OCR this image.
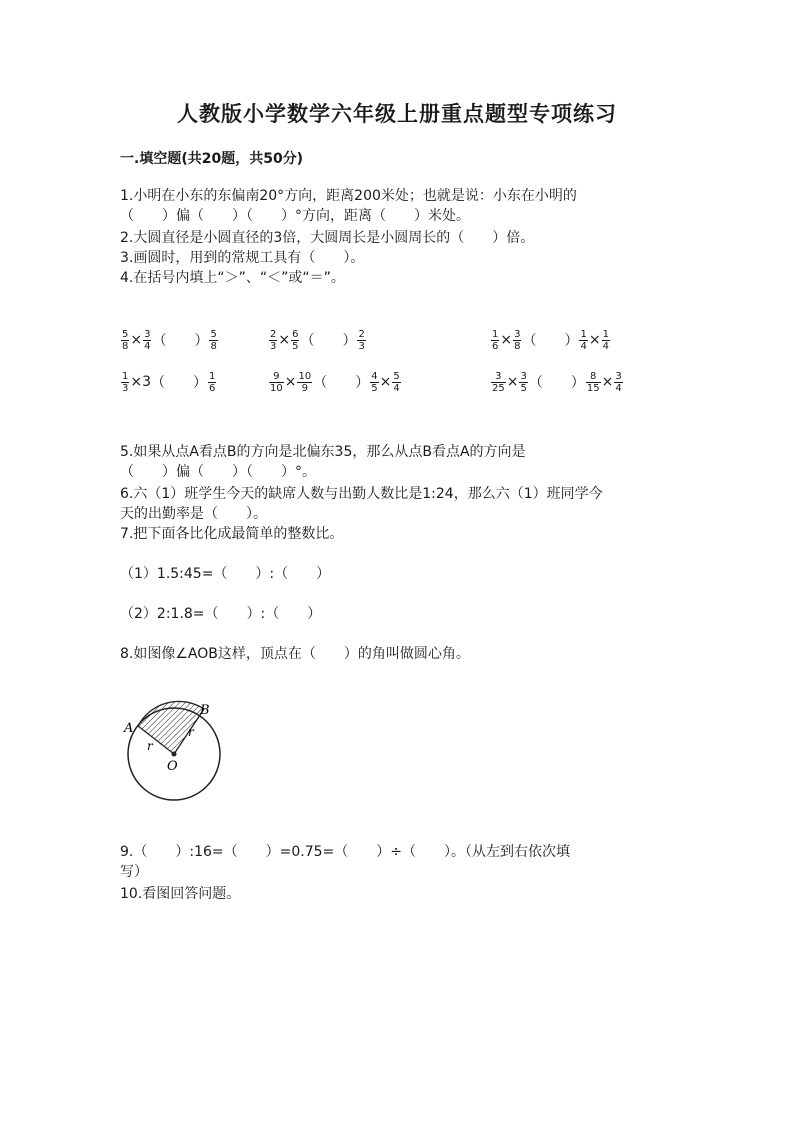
人教版小学数学六年级上册重点题型专项练习
一.填空题(共20题，共50分)
1.小明在小东的东偏南20°方向，距离200米处；也就是说：小东在小明的
（　　）偏（　　）（　　）°方向，距离（　　）米处。
2.大圆直径是小圆直径的3倍，大圆周长是小圆周长的（　　）倍。
3.画圆时，用到的常规工具有（　　）。
4.在括号内填上“＞”、“＜”或“＝”。
$\frac{5}{8} \times \frac{3}{4}$ （　　） $\frac{5}{8}$	$\frac{2}{3} \times \frac{6}{5}$ （　　） $\frac{2}{3}$	$\frac{1}{6} \times \frac{3}{8}$ （　　） $\frac{1}{4} \times \frac{1}{4}$
$\frac{1}{3} \times 3$ （　　） $\frac{1}{6}$	$\frac{9}{10} \times \frac{10}{9}$ （　　） $\frac{4}{5} \times \frac{5}{4}$	$\frac{3}{25} \times \frac{3}{5}$ （　　） $\frac{8}{15} \times \frac{3}{4}$
5.如果从点A看点B的方向是北偏东35，那么从点B看点A的方向是
（　　）偏（　　）（　　）°。
6.六（1）班学生今天的缺席人数与出勤人数比是1:24，那么六（1）班同学今
天的出勤率是（　　）。
7.把下面各比化成最简单的整数比。
（1）1.5:45=（　　）:（　　）
（2）2:1.8=（　　）:（　　）
8.如图像∠AOB这样，顶点在（　　）的角叫做圆心角。
A
B
O
r
r
9.（　　）:16=（　　）=0.75=（　　）÷（　　）。（从左到右依次填
写）
10.看图回答问题。
